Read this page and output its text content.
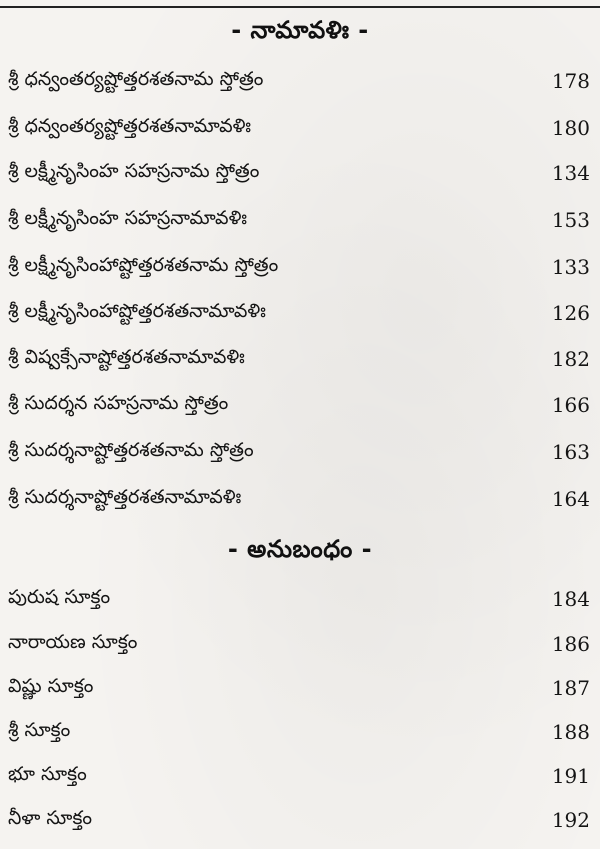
- నామావళిః -
శ్రీ ధన్వంతర్యష్టోత్తరశతనామ స్తోత్రం	178
శ్రీ ధన్వంతర్యష్టోత్తరశతనామావళిః	180
శ్రీ లక్ష్మీనృసింహ సహస్రనామ స్తోత్రం	134
శ్రీ లక్ష్మీనృసింహ సహస్రనామావళిః	153
శ్రీ లక్ష్మీనృసింహాష్టోత్తరశతనామ స్తోత్రం	133
శ్రీ లక్ష్మీనృసింహాష్టోత్తరశతనామావళిః	126
శ్రీ విష్వక్సేనాష్టోత్తరశతనామావళిః	182
శ్రీ సుదర్శన సహస్రనామ స్తోత్రం	166
శ్రీ సుదర్శనాష్టోత్తరశతనామ స్తోత్రం	163
శ్రీ సుదర్శనాష్టోత్తరశతనామావళిః	164
- అనుబంధం -
పురుష సూక్తం	184
నారాయణ సూక్తం	186
విష్ణు సూక్తం	187
శ్రీ సూక్తం	188
భూ సూక్తం	191
నీళా సూక్తం	192
